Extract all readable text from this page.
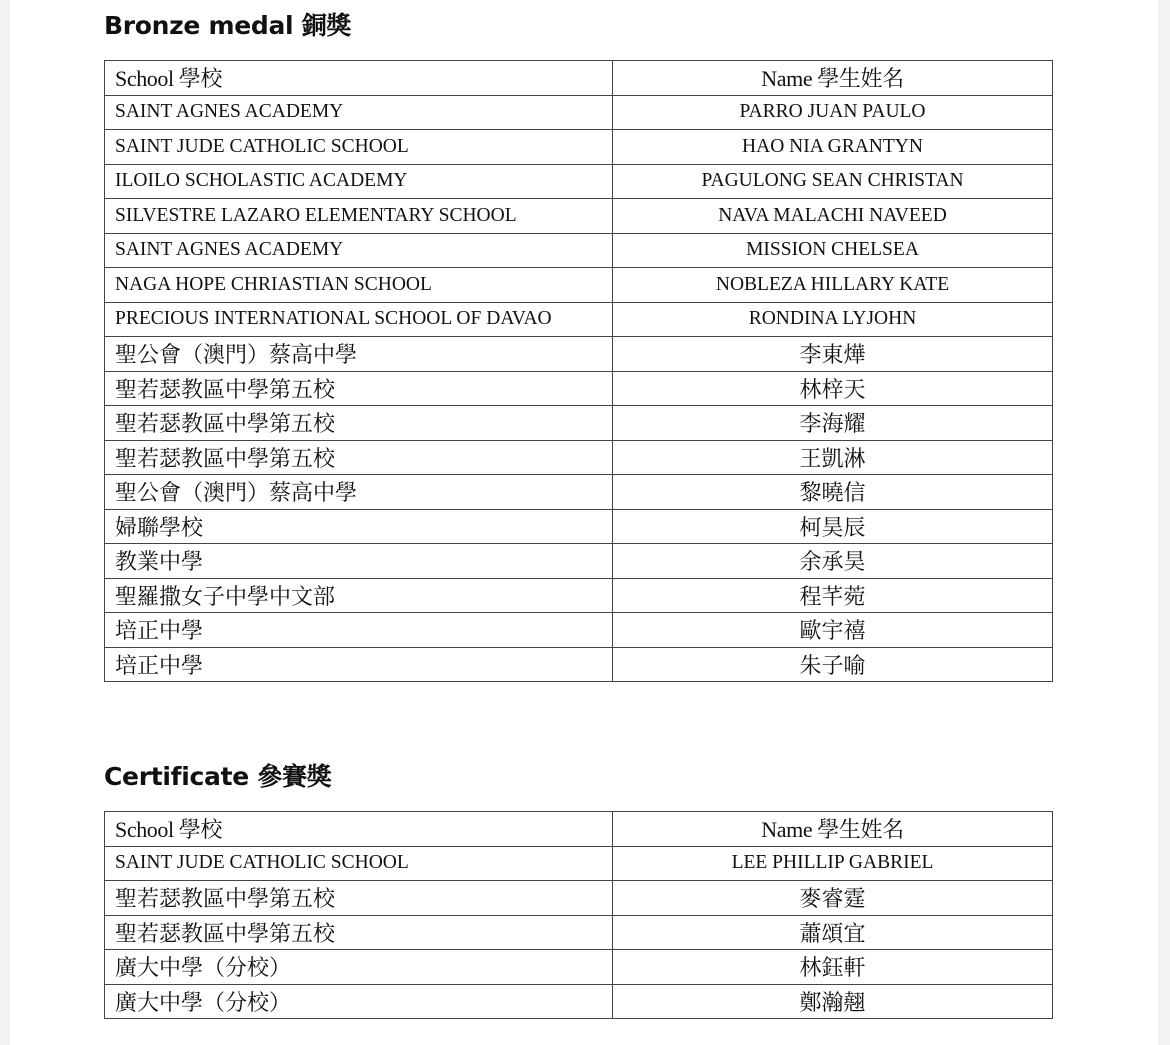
Bronze medal 銅獎
School 學校	Name 學生姓名
SAINT AGNES ACADEMY	PARRO JUAN PAULO
SAINT JUDE CATHOLIC SCHOOL	HAO NIA GRANTYN
ILOILO SCHOLASTIC ACADEMY	PAGULONG SEAN CHRISTAN
SILVESTRE LAZARO ELEMENTARY SCHOOL	NAVA MALACHI NAVEED
SAINT AGNES ACADEMY	MISSION CHELSEA
NAGA HOPE CHRIASTIAN SCHOOL	NOBLEZA HILLARY KATE
PRECIOUS INTERNATIONAL SCHOOL OF DAVAO	RONDINA LYJOHN
聖公會（澳門）蔡高中學	李東燁
聖若瑟教區中學第五校	林梓天
聖若瑟教區中學第五校	李海耀
聖若瑟教區中學第五校	王凱淋
聖公會（澳門）蔡高中學	黎曉信
婦聯學校	柯昊辰
教業中學	余承昊
聖羅撒女子中學中文部	程芊菀
培正中學	歐宇禧
培正中學	朱子喻
Certificate 參賽獎
School 學校	Name 學生姓名
SAINT JUDE CATHOLIC SCHOOL	LEE PHILLIP GABRIEL
聖若瑟教區中學第五校	麥睿霆
聖若瑟教區中學第五校	蕭頌宜
廣大中學（分校）	林鈺軒
廣大中學（分校）	鄭瀚翹
